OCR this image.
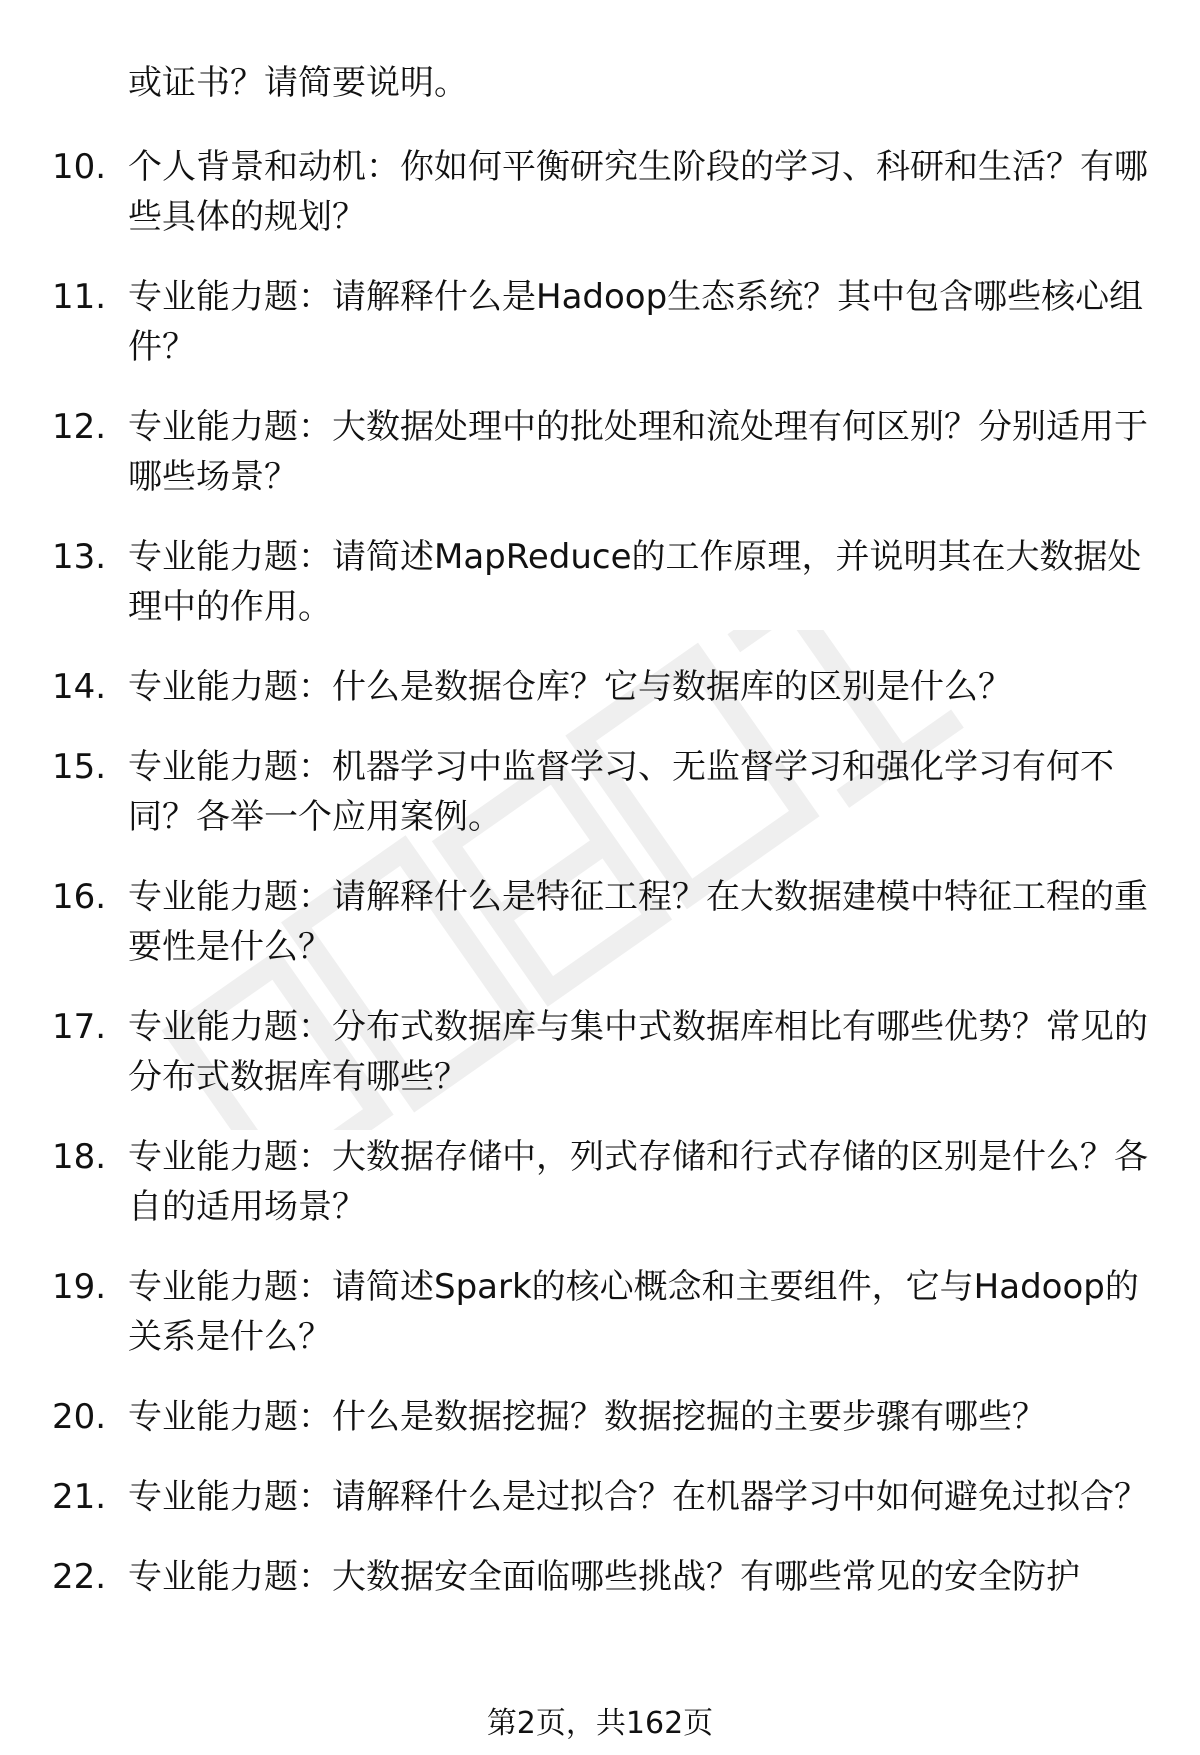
或证书？请简要说明。
10. 个人背景和动机：你如何平衡研究生阶段的学习、科研和生活？有哪些具体的规划？
11. 专业能力题：请解释什么是Hadoop生态系统？其中包含哪些核心组件？
12. 专业能力题：大数据处理中的批处理和流处理有何区别？分别适用于哪些场景？
13. 专业能力题：请简述MapReduce的工作原理，并说明其在大数据处理中的作用。
14. 专业能力题：什么是数据仓库？它与数据库的区别是什么？
15. 专业能力题：机器学习中监督学习、无监督学习和强化学习有何不同？各举一个应用案例。
16. 专业能力题：请解释什么是特征工程？在大数据建模中特征工程的重要性是什么？
17. 专业能力题：分布式数据库与集中式数据库相比有哪些优势？常见的分布式数据库有哪些？
18. 专业能力题：大数据存储中，列式存储和行式存储的区别是什么？各自的适用场景？
19. 专业能力题：请简述Spark的核心概念和主要组件，它与Hadoop的关系是什么？
20. 专业能力题：什么是数据挖掘？数据挖掘的主要步骤有哪些？
21. 专业能力题：请解释什么是过拟合？在机器学习中如何避免过拟合？
22. 专业能力题：大数据安全面临哪些挑战？有哪些常见的安全防护
第2页，共162页
